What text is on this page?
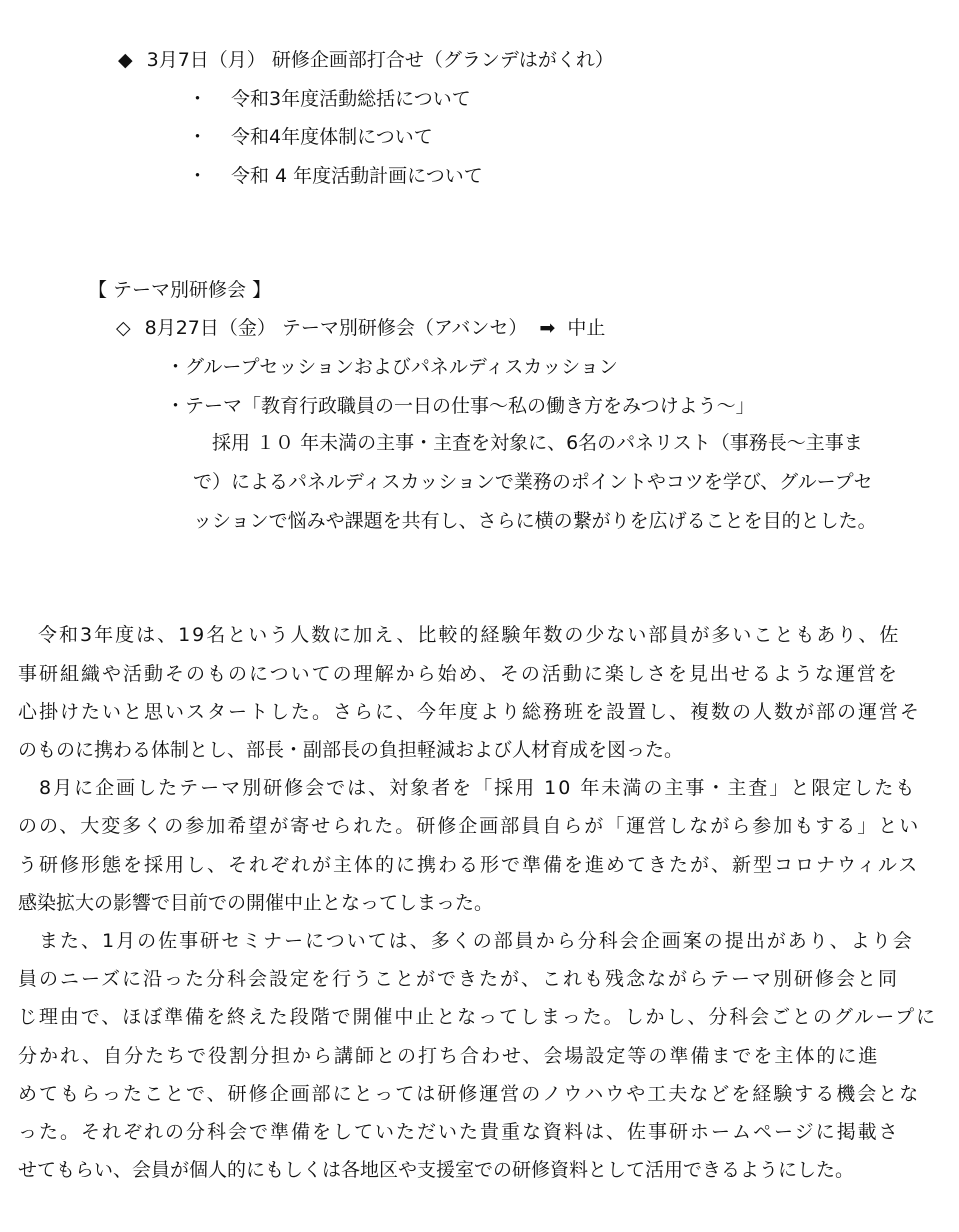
◆ 3月7日（月） 研修企画部打合せ（グランデはがくれ）
・ 令和3年度活動総括について
・ 令和4年度体制について
・ 令和 4 年度活動計画について
【 テーマ別研修会 】
◇ 8月27日（金） テーマ別研修会（アバンセ） ➡ 中止
・グループセッションおよびパネルディスカッション
・テーマ「教育行政職員の一日の仕事～私の働き方をみつけよう～」
　採用 １０ 年未満の主事・主査を対象に、6名のパネリスト（事務長～主事ま
で）によるパネルディスカッションで業務のポイントやコツを学び、グループセ
ッションで悩みや課題を共有し、さらに横の繋がりを広げることを目的とした。
令和3年度は、19名という人数に加え、比較的経験年数の少ない部員が多いこともあり、佐
事研組織や活動そのものについての理解から始め、その活動に楽しさを見出せるような運営を
心掛けたいと思いスタートした。さらに、今年度より総務班を設置し、複数の人数が部の運営そ
のものに携わる体制とし、部長・副部長の負担軽減および人材育成を図った。
　8月に企画したテーマ別研修会では、対象者を「採用 10 年未満の主事・主査」と限定したも
のの、大変多くの参加希望が寄せられた。研修企画部員自らが「運営しながら参加もする」とい
う研修形態を採用し、それぞれが主体的に携わる形で準備を進めてきたが、新型コロナウィルス
感染拡大の影響で目前での開催中止となってしまった。
　また、1月の佐事研セミナーについては、多くの部員から分科会企画案の提出があり、より会
員のニーズに沿った分科会設定を行うことができたが、これも残念ながらテーマ別研修会と同
じ理由で、ほぼ準備を終えた段階で開催中止となってしまった。しかし、分科会ごとのグループに
分かれ、自分たちで役割分担から講師との打ち合わせ、会場設定等の準備までを主体的に進
めてもらったことで、研修企画部にとっては研修運営のノウハウや工夫などを経験する機会とな
った。それぞれの分科会で準備をしていただいた貴重な資料は、佐事研ホームページに掲載さ
せてもらい、会員が個人的にもしくは各地区や支援室での研修資料として活用できるようにした。
